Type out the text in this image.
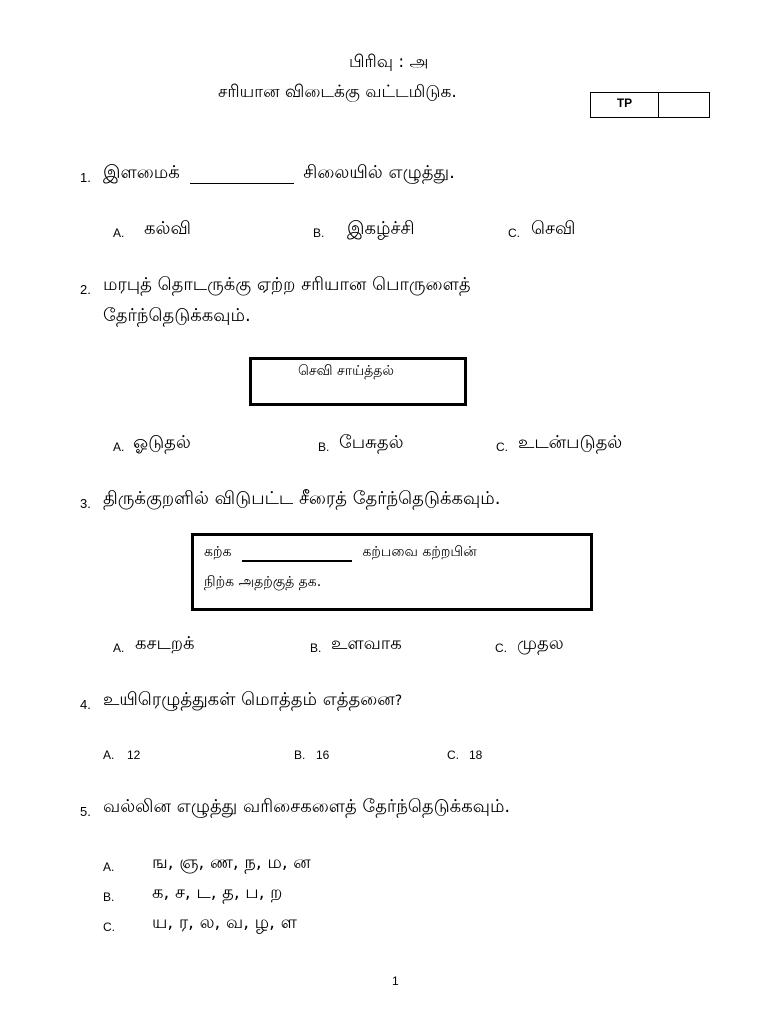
பிரிவு : அ
சரியான விடைக்கு வட்டமிடுக.
TP
1. இளமைக்	சிலையில் எழுத்து.
A. கல்வி	B. இகழ்ச்சி	C. செவி
2. மரபுத் தொடருக்கு ஏற்ற சரியான பொருளைத்
தேர்ந்தெடுக்கவும்.
செவி சாய்த்தல்
A. ஓடுதல்	B. பேசுதல்	C. உடன்படுதல்
3. திருக்குறளில் விடுபட்ட சீரைத் தேர்ந்தெடுக்கவும்.
கற்க	கற்பவை கற்றபின்
நிற்க அதற்குத் தக.
A. கசடறக்	B. உளவாக	C. முதல
4. உயிரெழுத்துகள் மொத்தம் எத்தனை?
A. 12	B. 16	C. 18
5. வல்லின எழுத்து வரிசைகளைத் தேர்ந்தெடுக்கவும்.
A. ங, ஞ, ண, ந, ம, ன
B. க, ச, ட, த, ப, ற
C. ய, ர, ல, வ, ழ, ள
1
